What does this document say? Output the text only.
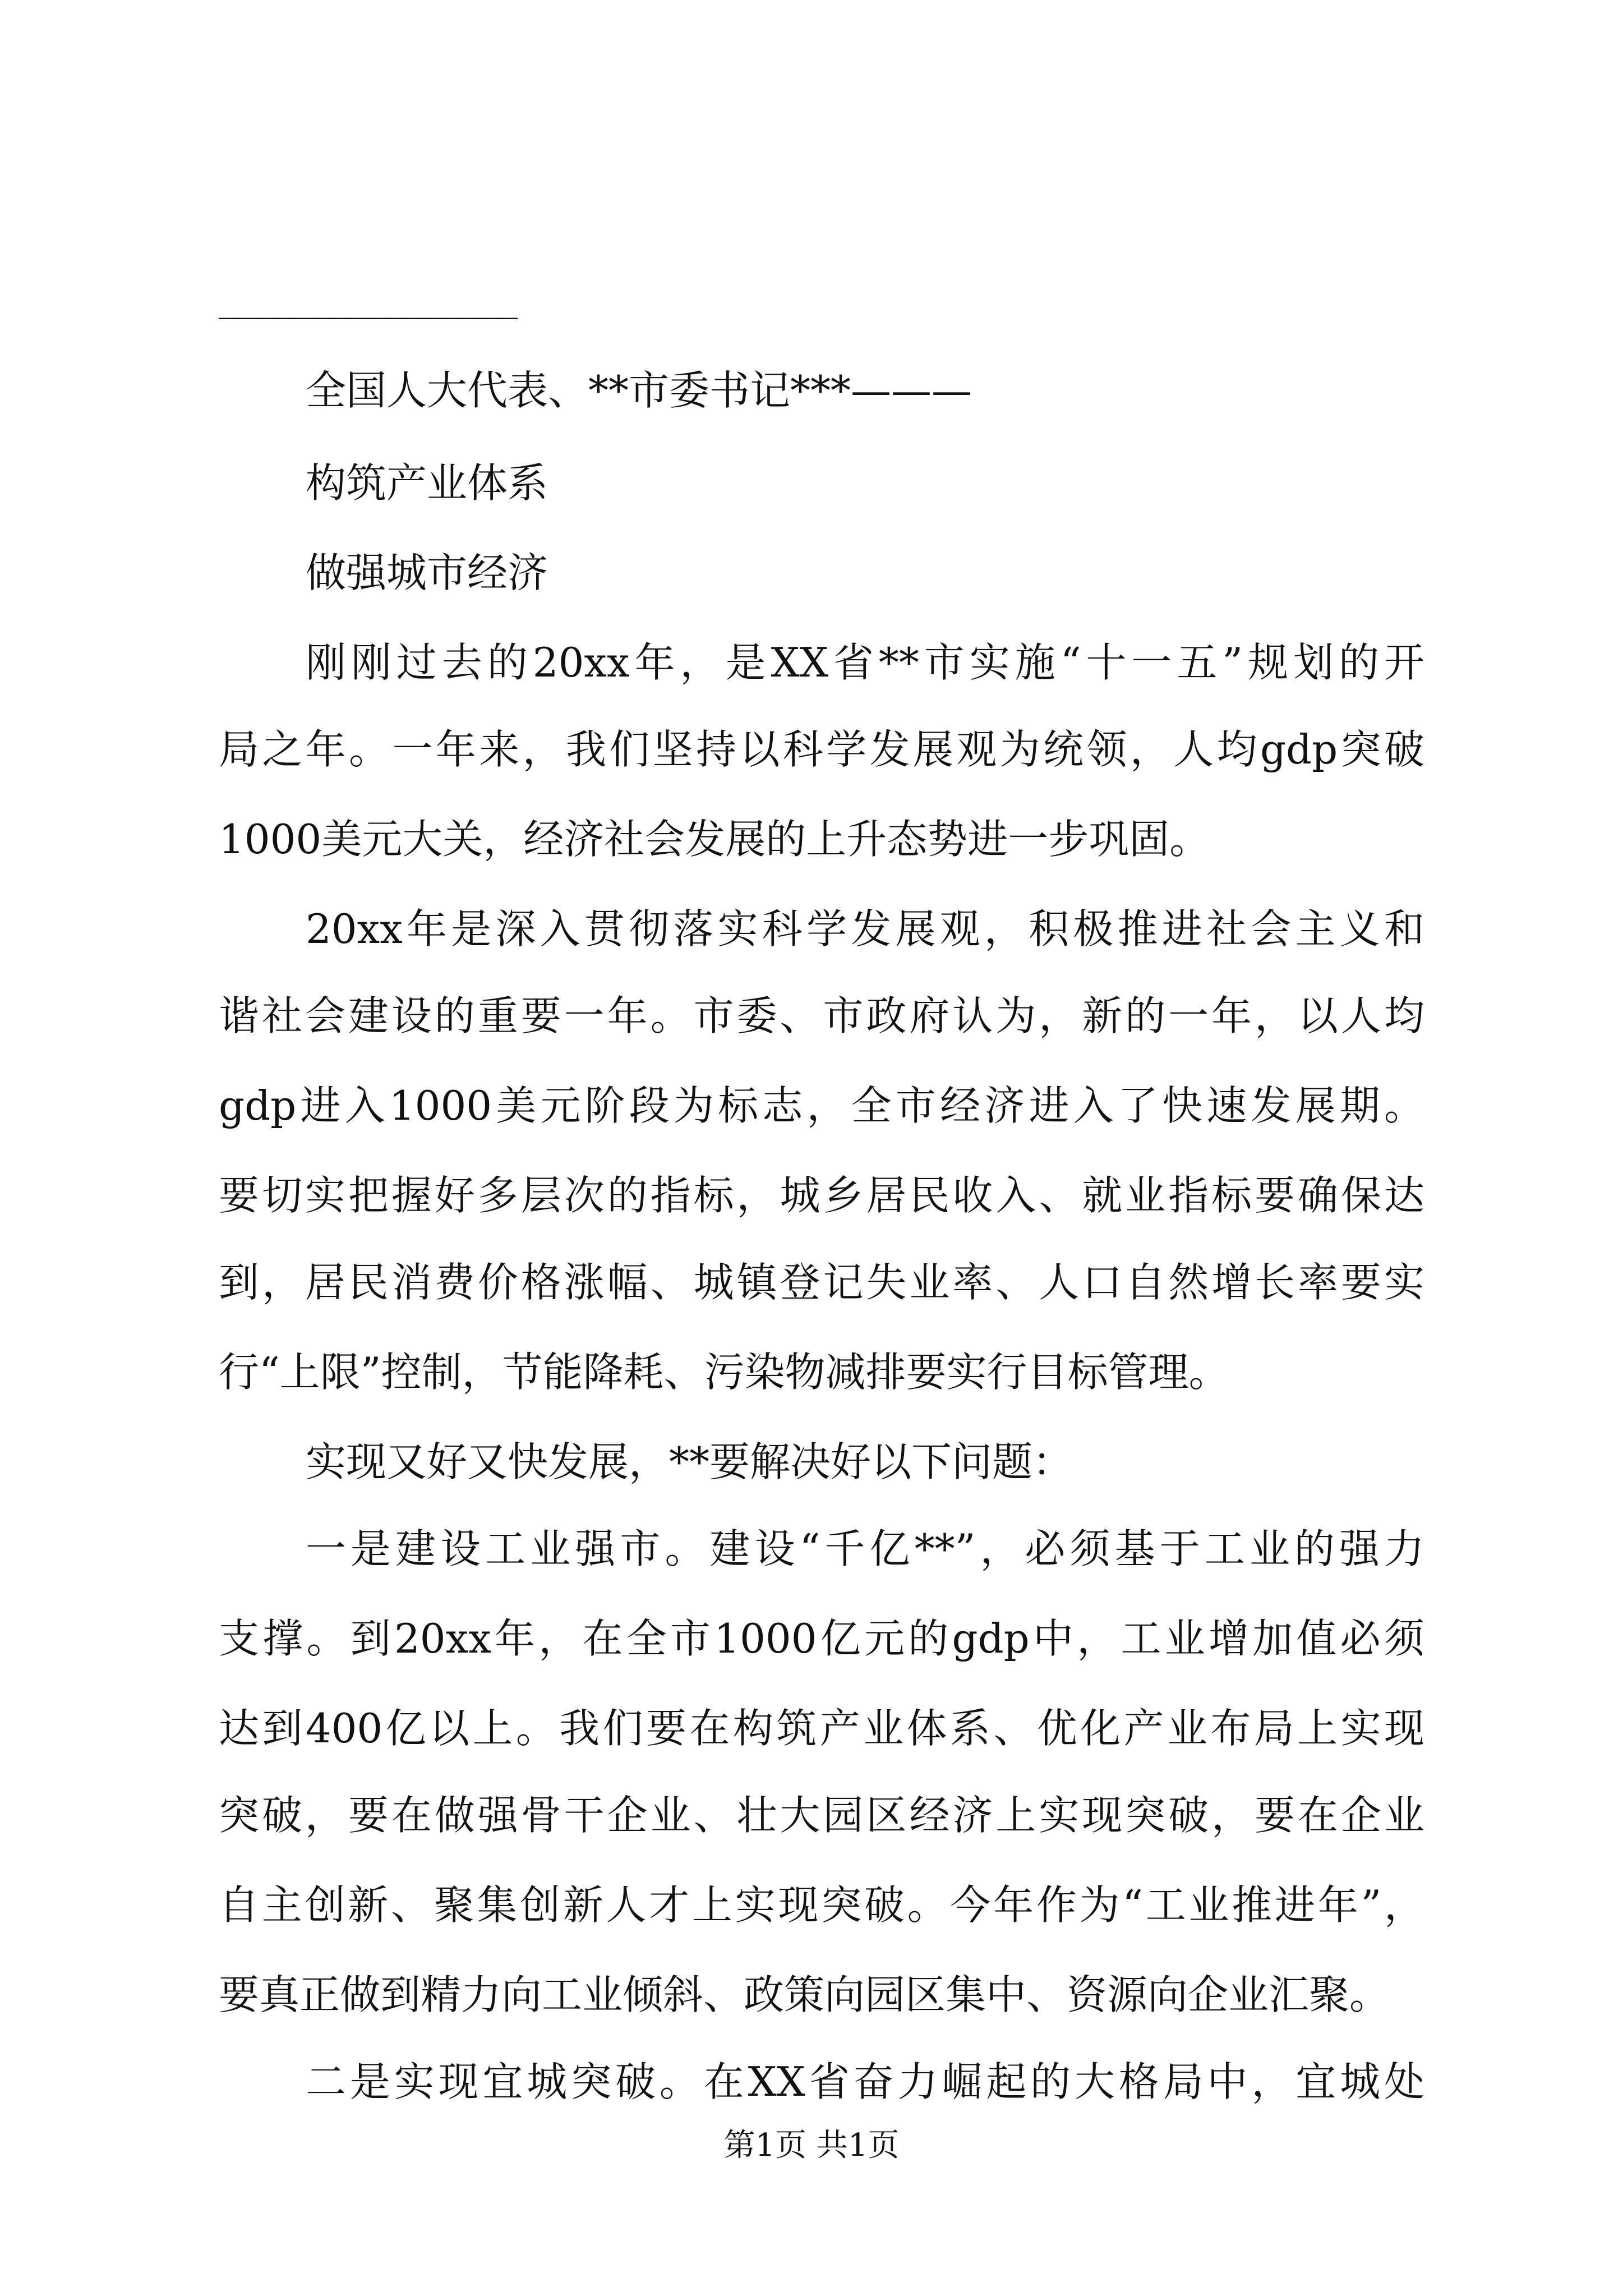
________________
全国人大代表、**市委书记***———
构筑产业体系
做强城市经济
刚刚过去的20xx年，是XX省**市实施“十一五”规划的开
局之年。一年来，我们坚持以科学发展观为统领，人均gdp突破
1000美元大关，经济社会发展的上升态势进一步巩固。
20xx年是深入贯彻落实科学发展观，积极推进社会主义和
谐社会建设的重要一年。市委、市政府认为，新的一年，以人均
gdp进入1000美元阶段为标志，全市经济进入了快速发展期。
要切实把握好多层次的指标，城乡居民收入、就业指标要确保达
到，居民消费价格涨幅、城镇登记失业率、人口自然增长率要实
行“上限”控制，节能降耗、污染物减排要实行目标管理。
实现又好又快发展，**要解决好以下问题：
一是建设工业强市。建设“千亿**”，必须基于工业的强力
支撑。到20xx年，在全市1000亿元的gdp中，工业增加值必须
达到400亿以上。我们要在构筑产业体系、优化产业布局上实现
突破，要在做强骨干企业、壮大园区经济上实现突破，要在企业
自主创新、聚集创新人才上实现突破。今年作为“工业推进年”，
要真正做到精力向工业倾斜、政策向园区集中、资源向企业汇聚。
二是实现宜城突破。在XX省奋力崛起的大格局中，宜城处
第1页 共1页
